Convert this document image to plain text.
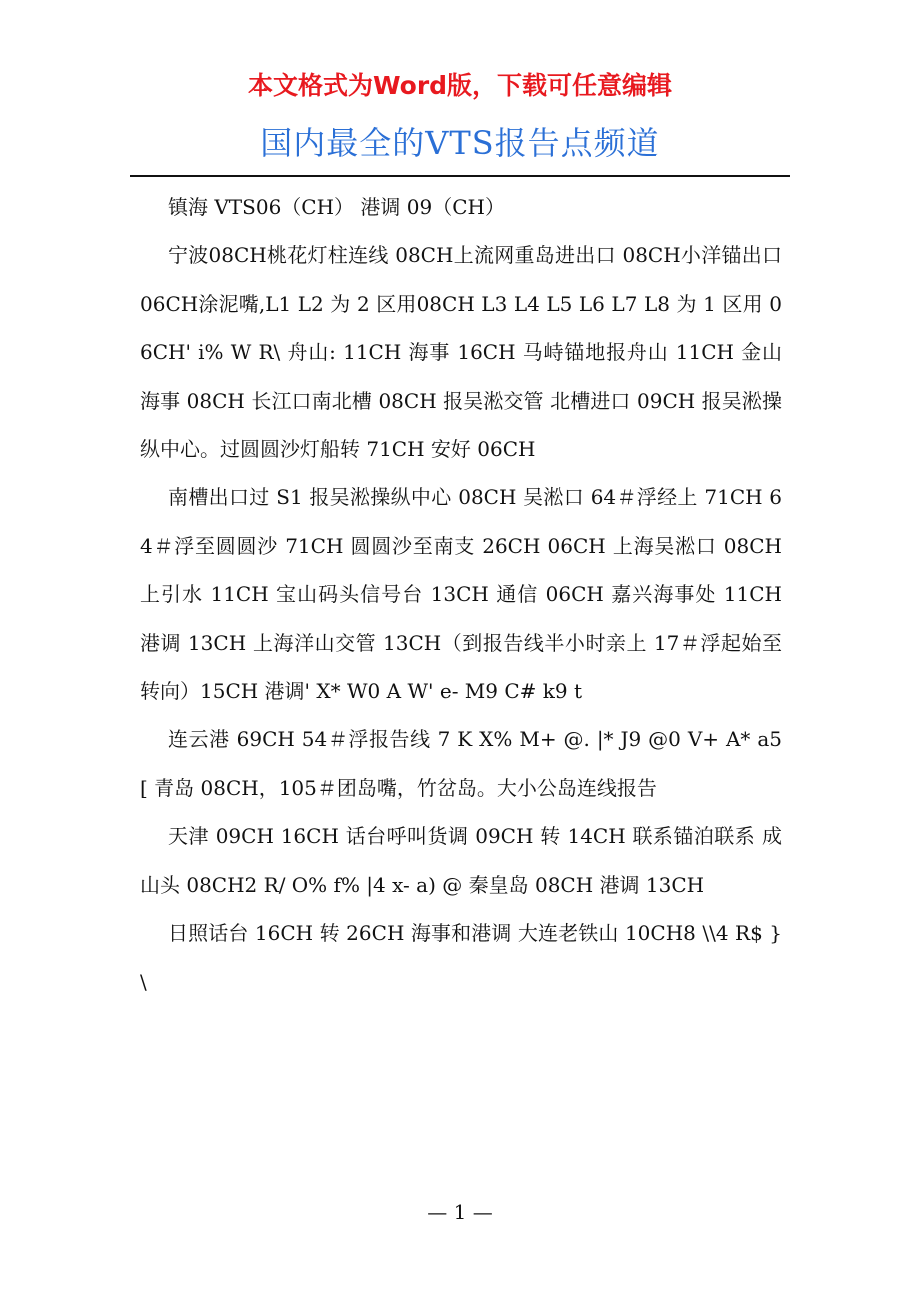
本文格式为Word版，下载可任意编辑
国内最全的VTS报告点频道

镇海 VTS06（CH） 港调 09（CH）

宁波08CH桃花灯柱连线 08CH上流网重岛进出口 08CH小洋锚出口 06CH涂泥嘴,L1 L2 为 2 区用08CH L3 L4 L5 L6 L7 L8 为 1 区用 06CH' i% W R\ 舟山: 11CH 海事 16CH 马峙锚地报舟山 11CH 金山海事 08CH 长江口南北槽 08CH 报吴淞交管 北槽进口 09CH 报吴淞操纵中心。过圆圆沙灯船转 71CH 安好 06CH

南槽出口过 S1 报吴淞操纵中心 08CH 吴淞口 64＃浮经上 71CH 64＃浮至圆圆沙 71CH 圆圆沙至南支 26CH 06CH 上海吴淞口 08CH 上引水 11CH 宝山码头信号台 13CH 通信 06CH 嘉兴海事处 11CH 港调 13CH 上海洋山交管 13CH（到报告线半小时亲上 17＃浮起始至转向）15CH 港调' X* W0 A W' e- M9 C# k9 t

连云港 69CH 54＃浮报告线 7 K X% M+ @. |* J9 @0 V+ A* a5 [ 青岛 08CH，105＃团岛嘴，竹岔岛。大小公岛连线报告

天津 09CH 16CH 话台呼叫货调 09CH 转 14CH 联系锚泊联系 成山头 08CH2 R/ O% f% |4 x- a) @ 秦皇岛 08CH 港调 13CH

日照话台 16CH 转 26CH 海事和港调 大连老铁山 10CH8 \\4 R$ }\

— 1 —
